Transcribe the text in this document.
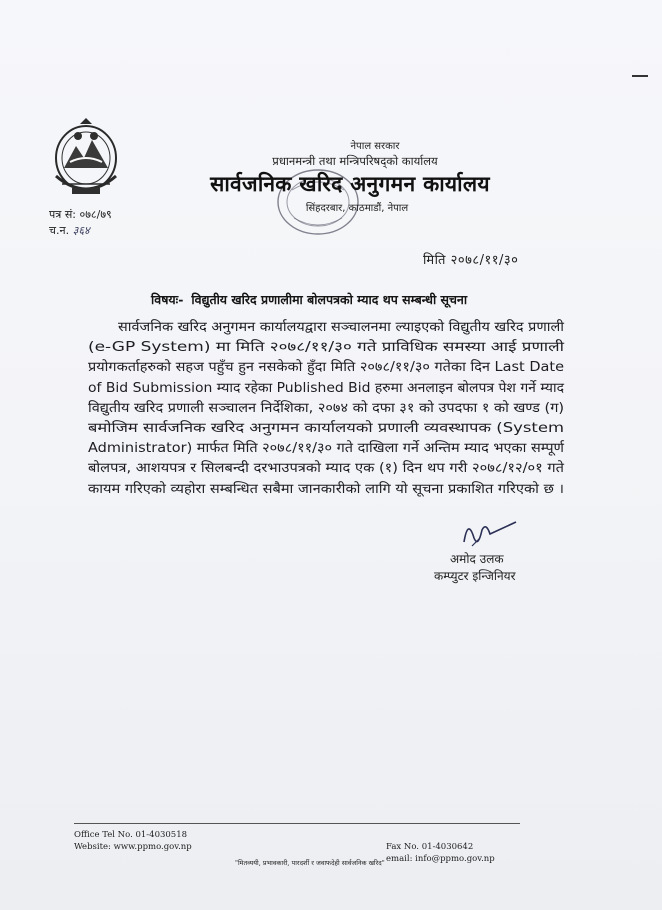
नेपाल सरकार
प्रधानमन्त्री तथा मन्त्रिपरिषद्को कार्यालय
सार्वजनिक खरिद अनुगमन कार्यालय
सिंहदरबार, काठमाडौं, नेपाल
पत्र सं: ०७८/७९
च.न. ३६४
मिति २०७८/११/३०
विषयः- विद्युतीय खरिद प्रणालीमा बोलपत्रको म्याद थप सम्बन्धी सूचना
सार्वजनिक खरिद अनुगमन कार्यालयद्वारा सञ्चालनमा ल्याइएको विद्युतीय खरिद प्रणाली
(e-GP System) मा मिति २०७८/११/३० गते प्राविधिक समस्या आई प्रणाली
प्रयोगकर्ताहरुको सहज पहुँच हुन नसकेको हुँदा मिति २०७८/११/३० गतेका दिन Last Date
of Bid Submission म्याद रहेका Published Bid हरुमा अनलाइन बोलपत्र पेश गर्ने म्याद
विद्युतीय खरिद प्रणाली सञ्चालन निर्देशिका, २०७४ को दफा ३१ को उपदफा १ को खण्ड (ग)
बमोजिम सार्वजनिक खरिद अनुगमन कार्यालयको प्रणाली व्यवस्थापक (System
Administrator) मार्फत मिति २०७८/११/३० गते दाखिला गर्ने अन्तिम म्याद भएका सम्पूर्ण
बोलपत्र, आशयपत्र र सिलबन्दी दरभाउपत्रको म्याद एक (१) दिन थप गरी २०७८/१२/०१ गते
कायम गरिएको व्यहोरा सम्बन्धित सबैमा जानकारीको लागि यो सूचना प्रकाशित गरिएको छ ।
अमोद उलक
कम्प्युटर इन्जिनियर
Office Tel No. 01-4030518
Website: www.ppmo.gov.np	Fax No. 01-4030642
email: info@ppmo.gov.np
"मितव्ययी, प्रभावकारी, पारदर्शी र जवाफदेही सार्वजनिक खरिद"
